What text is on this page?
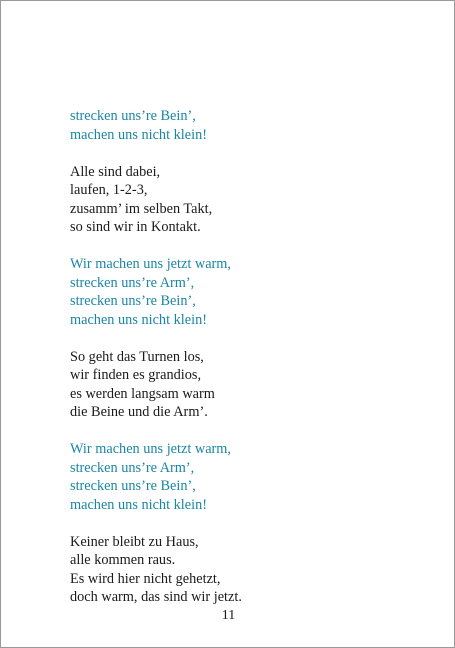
strecken uns’re Bein’,
machen uns nicht klein!
Alle sind dabei,
laufen, 1-2-3,
zusamm’ im selben Takt,
so sind wir in Kontakt.
Wir machen uns jetzt warm,
strecken uns’re Arm’,
strecken uns’re Bein’,
machen uns nicht klein!
So geht das Turnen los,
wir finden es grandios,
es werden langsam warm
die Beine und die Arm’.
Wir machen uns jetzt warm,
strecken uns’re Arm’,
strecken uns’re Bein’,
machen uns nicht klein!
Keiner bleibt zu Haus,
alle kommen raus.
Es wird hier nicht gehetzt,
doch warm, das sind wir jetzt.
11
